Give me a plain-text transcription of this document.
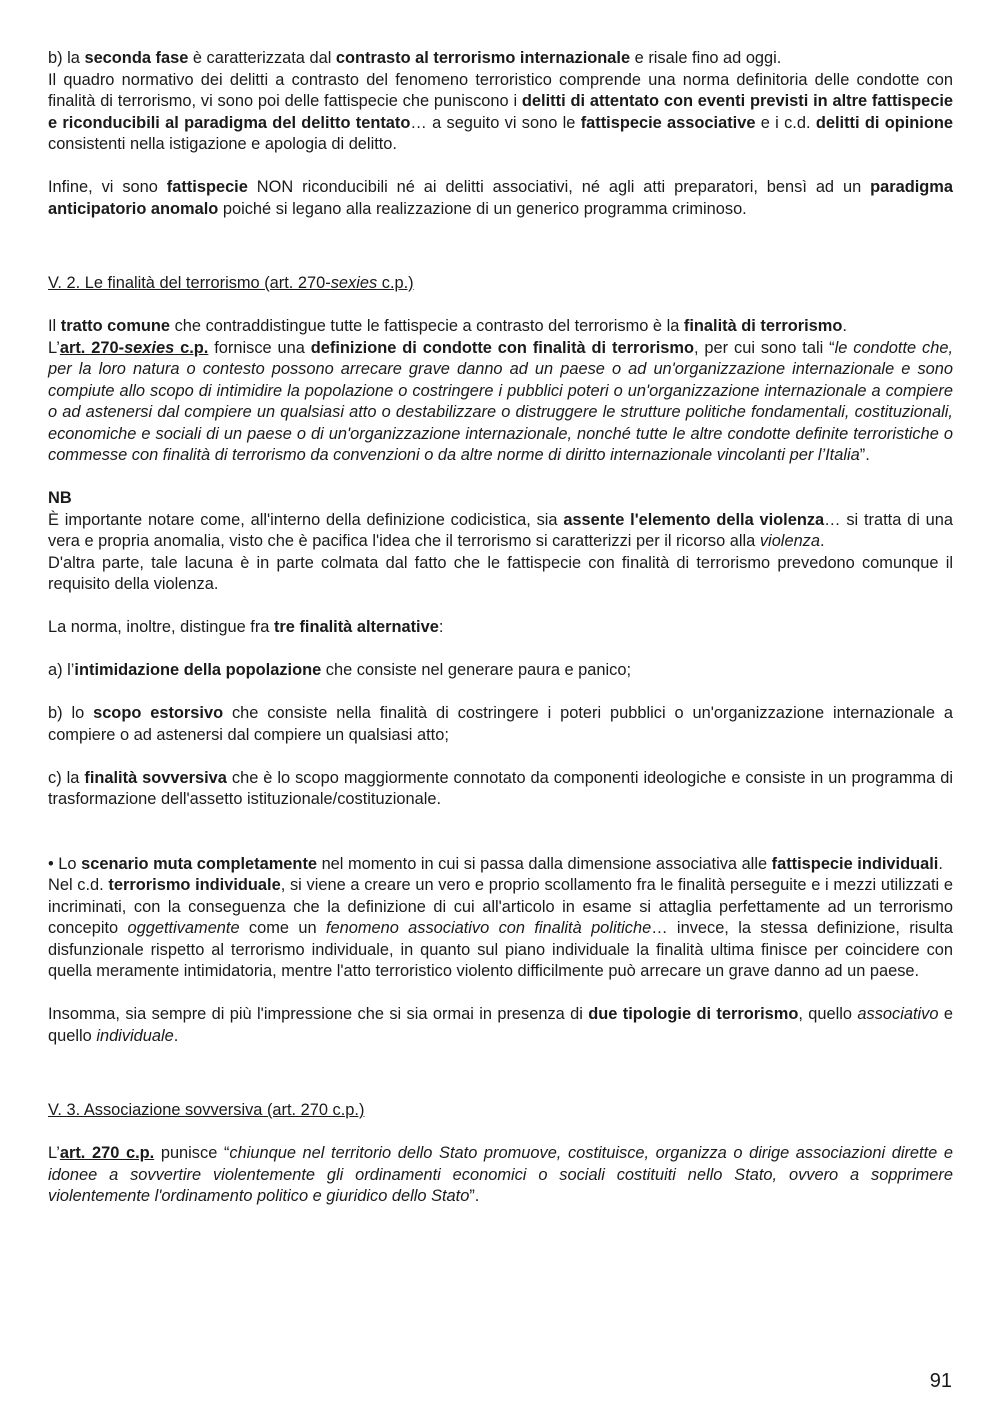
b) la seconda fase è caratterizzata dal contrasto al terrorismo internazionale e risale fino ad oggi.

Il quadro normativo dei delitti a contrasto del fenomeno terroristico comprende una norma definitoria delle condotte con finalità di terrorismo, vi sono poi delle fattispecie che puniscono i delitti di attentato con eventi previsti in altre fattispecie e riconducibili al paradigma del delitto tentato… a seguito vi sono le fattispecie associative e i c.d. delitti di opinione consistenti nella istigazione e apologia di delitto.

Infine, vi sono fattispecie NON riconducibili né ai delitti associativi, né agli atti preparatori, bensì ad un paradigma anticipatorio anomalo poiché si legano alla realizzazione di un generico programma criminoso.

V. 2. Le finalità del terrorismo (art. 270-sexies c.p.)

Il tratto comune che contraddistingue tutte le fattispecie a contrasto del terrorismo è la finalità di terrorismo.

L’art. 270-sexies c.p. fornisce una definizione di condotte con finalità di terrorismo, per cui sono tali “le condotte che, per la loro natura o contesto possono arrecare grave danno ad un paese o ad un'organizzazione internazionale e sono compiute allo scopo di intimidire la popolazione o costringere i pubblici poteri o un'organizzazione internazionale a compiere o ad astenersi dal compiere un qualsiasi atto o destabilizzare o distruggere le strutture politiche fondamentali, costituzionali, economiche e sociali di un paese o di un'organizzazione internazionale, nonché tutte le altre condotte definite terroristiche o commesse con finalità di terrorismo da convenzioni o da altre norme di diritto internazionale vincolanti per l’Italia”.

NB

È importante notare come, all'interno della definizione codicistica, sia assente l'elemento della violenza… si tratta di una vera e propria anomalia, visto che è pacifica l'idea che il terrorismo si caratterizzi per il ricorso alla violenza.

D'altra parte, tale lacuna è in parte colmata dal fatto che le fattispecie con finalità di terrorismo prevedono comunque il requisito della violenza.

La norma, inoltre, distingue fra tre finalità alternative:

a) l’intimidazione della popolazione che consiste nel generare paura e panico;

b) lo scopo estorsivo che consiste nella finalità di costringere i poteri pubblici o un'organizzazione internazionale a compiere o ad astenersi dal compiere un qualsiasi atto;

c) la finalità sovversiva che è lo scopo maggiormente connotato da componenti ideologiche e consiste in un programma di trasformazione dell'assetto istituzionale/costituzionale.

• Lo scenario muta completamente nel momento in cui si passa dalla dimensione associativa alle fattispecie individuali.

Nel c.d. terrorismo individuale, si viene a creare un vero e proprio scollamento fra le finalità perseguite e i mezzi utilizzati e incriminati, con la conseguenza che la definizione di cui all'articolo in esame si attaglia perfettamente ad un terrorismo concepito oggettivamente come un fenomeno associativo con finalità politiche… invece, la stessa definizione, risulta disfunzionale rispetto al terrorismo individuale, in quanto sul piano individuale la finalità ultima finisce per coincidere con quella meramente intimidatoria, mentre l'atto terroristico violento difficilmente può arrecare un grave danno ad un paese.

Insomma, sia sempre di più l'impressione che si sia ormai in presenza di due tipologie di terrorismo, quello associativo e quello individuale.

V. 3. Associazione sovversiva (art. 270 c.p.)

L’art. 270 c.p. punisce “chiunque nel territorio dello Stato promuove, costituisce, organizza o dirige associazioni dirette e idonee a sovvertire violentemente gli ordinamenti economici o sociali costituiti nello Stato, ovvero a sopprimere violentemente l'ordinamento politico e giuridico dello Stato”.

91
